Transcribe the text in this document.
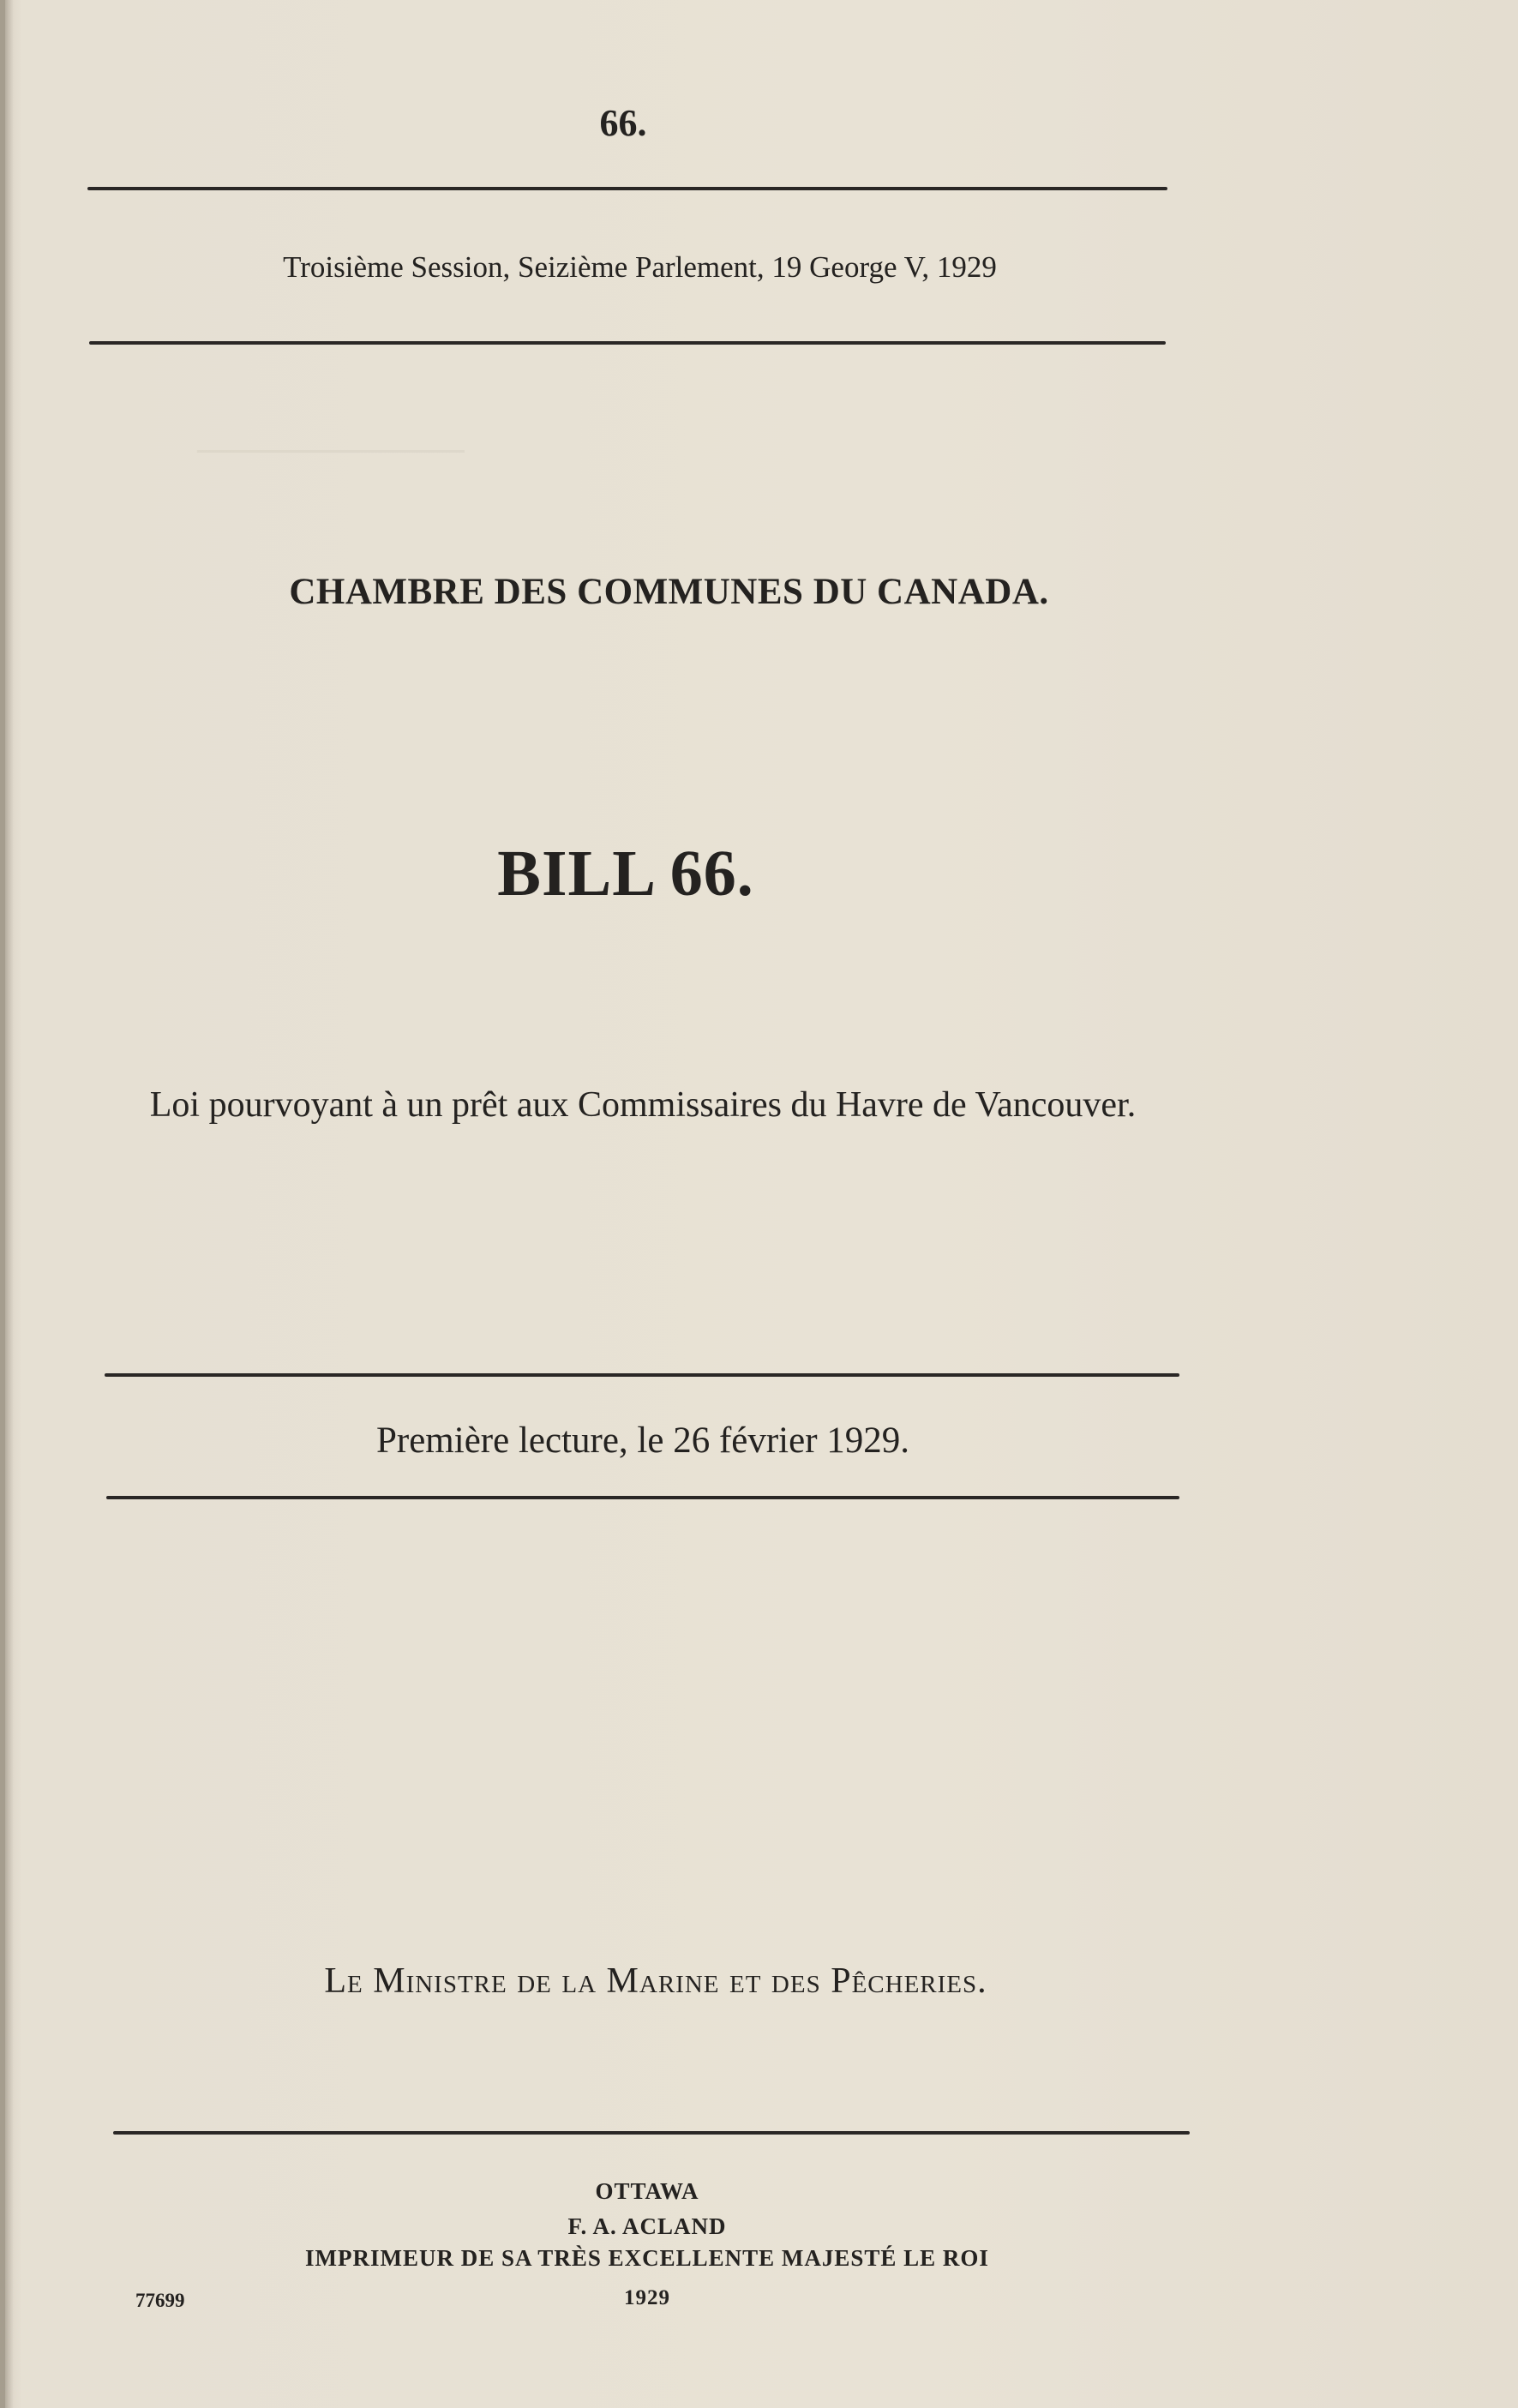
──────────
66.
Troisième Session, Seizième Parlement, 19 George V, 1929
CHAMBRE DES COMMUNES DU CANADA.
BILL 66.
Loi pourvoyant à un prêt aux Commissaires du Havre de Vancouver.
Première lecture, le 26 février 1929.
Le Ministre de la Marine et des Pêcheries.
OTTAWA
F. A. ACLAND
IMPRIMEUR DE SA TRÈS EXCELLENTE MAJESTÉ LE ROI
1929
77699
